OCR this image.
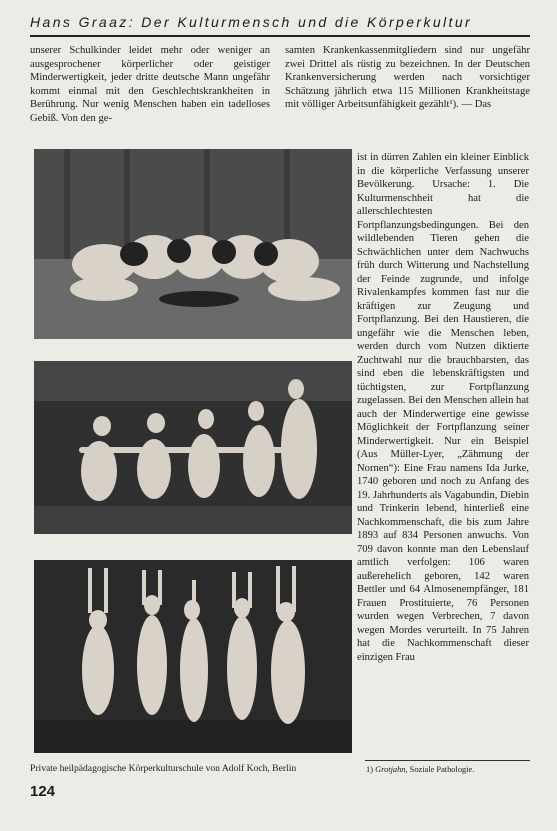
Hans Graaz: Der Kulturmensch und die Körperkultur

unserer Schulkinder leidet mehr oder weniger an ausgesprochener körperlicher oder geistiger Minderwertigkeit, jeder dritte deutsche Mann ungefähr kommt einmal mit den Geschlechtskrankheiten in Berührung. Nur wenig Menschen haben ein tadelloses Gebiß. Von den ge-

samten Krankenkassenmitgliedern sind nur ungefähr zwei Drittel als rüstig zu bezeichnen. In der Deutschen Krankenversicherung werden nach vorsichtiger Schätzung jährlich etwa 115 Millionen Krankheitstage mit völliger Arbeitsunfähigkeit gezählt¹). — Das

ist in dürren Zahlen ein kleiner Einblick in die körperliche Verfassung unserer Bevölkerung. Ursache: 1. Die Kulturmenschheit hat die allerschlechtesten Fortpflanzungsbedingungen. Bei den wildlebenden Tieren gehen die Schwächlichen unter dem Nachwuchs früh durch Witterung und Nachstellung der Feinde zugrunde, und infolge Rivalenkampfes kommen fast nur die kräftigen zur Zeugung und Fortpflanzung. Bei den Haustieren, die ungefähr wie die Menschen leben, werden durch vom Nutzen diktierte Zuchtwahl nur die brauchbarsten, das sind eben die lebenskräftigsten und tüchtigsten, zur Fortpflanzung zugelassen. Bei den Menschen allein hat auch der Minderwertige eine gewisse Möglichkeit der Fortpflanzung seiner Minderwertigkeit. Nur ein Beispiel (Aus Müller-Lyer, „Zähmung der Nornen“): Eine Frau namens Ida Jurke, 1740 geboren und noch zu Anfang des 19. Jahrhunderts als Vagabundin, Diebin und Trinkerin lebend, hinterließ eine Nachkommenschaft, die bis zum Jahre 1893 auf 834 Personen anwuchs. Von 709 davon konnte man den Lebenslauf amtlich verfolgen: 106 waren außerehelich geboren, 142 waren Bettler und 64 Almosenempfänger, 181 Frauen Prostituierte, 76 Personen wurden wegen Verbrechen, 7 davon wegen Mordes verurteilt. In 75 Jahren hat die Nachkommenschaft dieser einzigen Frau

Private heilpädagogische Körperkulturschule von Adolf Koch, Berlin	1) Grotjahn, Soziale Pathologie.
124
